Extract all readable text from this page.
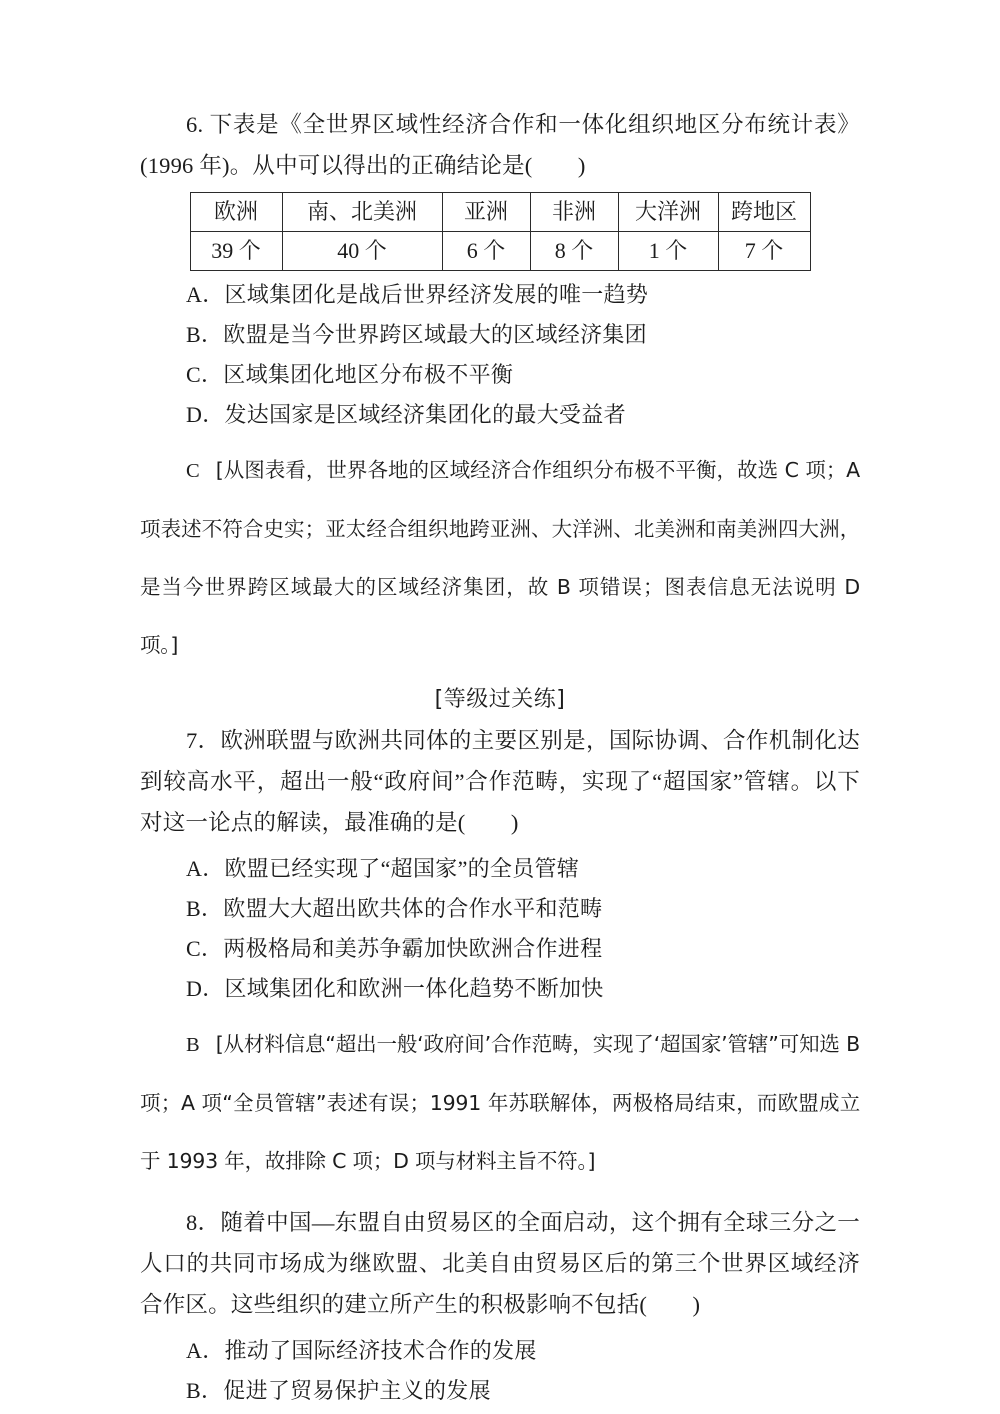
6. 下表是《全世界区域性经济合作和一体化组织地区分布统计表》(1996 年)。从中可以得出的正确结论是(　　)

欧洲	南、北美洲	亚洲	非洲	大洋洲	跨地区
39 个	40 个	6 个	8 个	1 个	7 个
A．区域集团化是战后世界经济发展的唯一趋势
B．欧盟是当今世界跨区域最大的区域经济集团
C．区域集团化地区分布极不平衡
D．发达国家是区域经济集团化的最大受益者

C [从图表看，世界各地的区域经济合作组织分布极不平衡，故选 C 项；A 项表述不符合史实；亚太经合组织地跨亚洲、大洋洲、北美洲和南美洲四大洲，是当今世界跨区域最大的区域经济集团，故 B 项错误；图表信息无法说明 D 项。]

[等级过关练]

7．欧洲联盟与欧洲共同体的主要区别是，国际协调、合作机制化达到较高水平，超出一般“政府间”合作范畴，实现了“超国家”管辖。以下对这一论点的解读，最准确的是(　　)

A．欧盟已经实现了“超国家”的全员管辖
B．欧盟大大超出欧共体的合作水平和范畴
C．两极格局和美苏争霸加快欧洲合作进程
D．区域集团化和欧洲一体化趋势不断加快

B [从材料信息“超出一般‘政府间’合作范畴，实现了‘超国家’管辖”可知选 B 项；A 项“全员管辖”表述有误；1991 年苏联解体，两极格局结束，而欧盟成立于 1993 年，故排除 C 项；D 项与材料主旨不符。]

8．随着中国—东盟自由贸易区的全面启动，这个拥有全球三分之一人口的共同市场成为继欧盟、北美自由贸易区后的第三个世界区域经济合作区。这些组织的建立所产生的积极影响不包括(　　)

A．推动了国际经济技术合作的发展
B．促进了贸易保护主义的发展
